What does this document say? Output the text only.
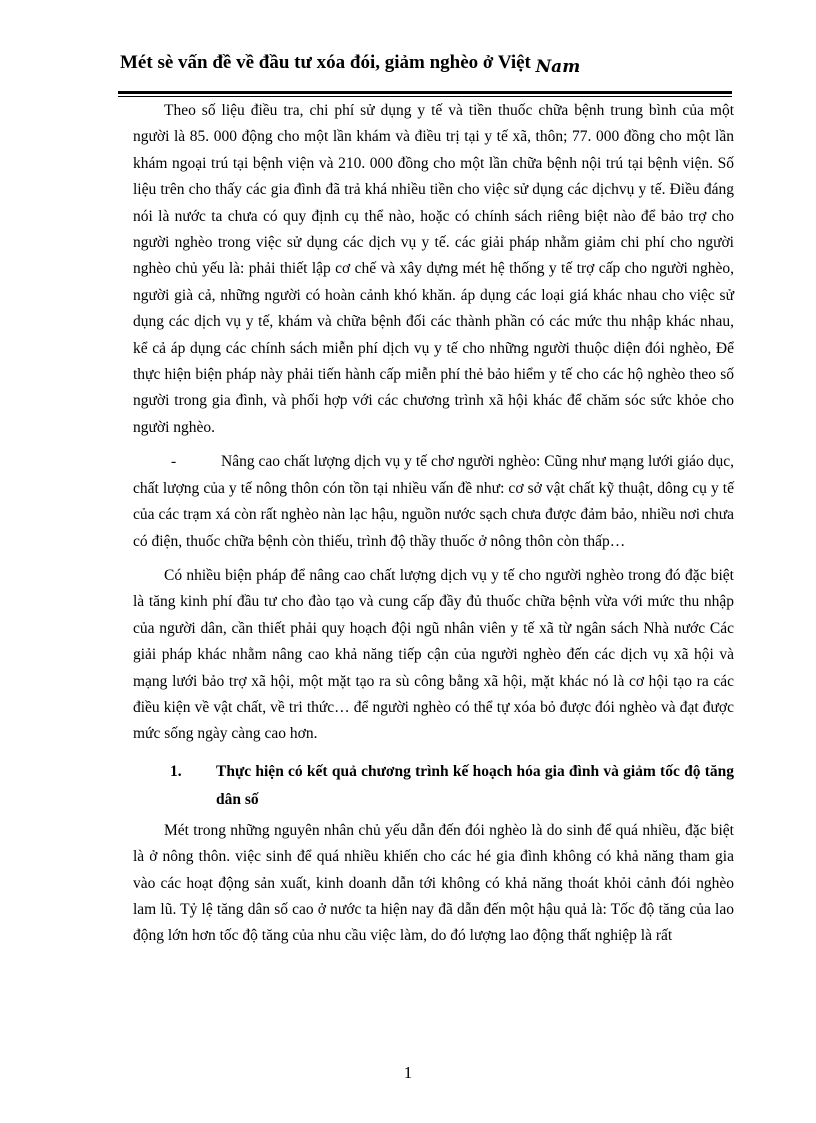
Mét sè vấn đề về đầu tư xóa đói, giảm nghèo ở Việt Nam

Theo số liệu điều tra, chi phí sử dụng y tế và tiền thuốc chữa bệnh trung bình của một người là 85. 000 động cho một lần khám và điều trị tại y tế xã, thôn; 77. 000 đồng cho một lần khám ngoại trú tại bệnh viện và 210. 000 đồng cho một lần chữa bệnh nội trú tại bệnh viện. Số liệu trên cho thấy các gia đình đã trả khá nhiều tiền cho việc sử dụng các dịchvụ y tế. Điều đáng nói là nước ta chưa có quy định cụ thể nào, hoặc có chính sách riêng biệt nào để bảo trợ cho người nghèo trong việc sử dụng các dịch vụ y tế. các giải pháp nhằm giảm chi phí cho người nghèo chủ yếu là: phải thiết lập cơ chế và xây dựng mét hệ thống y tế trợ cấp cho người nghèo, người già cả, những người có hoàn cảnh khó khăn. áp dụng các loại giá khác nhau cho việc sử dụng các dịch vụ y tế, khám và chữa bệnh đối các thành phần có các mức thu nhập khác nhau, kể cả áp dụng các chính sách miễn phí dịch vụ y tế cho những người thuộc diện đói nghèo, Để thực hiện biện pháp này phải tiến hành cấp miễn phí thẻ bảo hiểm y tế cho các hộ nghèo theo số người trong gia đình, và phối hợp với các chương trình xã hội khác để chăm sóc sức khỏe cho người nghèo.

-	Nâng cao chất lượng dịch vụ y tế chơ người nghèo: Cũng như mạng lưới giáo dục, chất lượng của y tế nông thôn cón tồn tại nhiều vấn đề như: cơ sở vật chất kỹ thuật, dông cụ y tế của các trạm xá còn rất nghèo nàn lạc hậu, nguồn nước sạch chưa được đảm bảo, nhiều nơi chưa có điện, thuốc chữa bệnh còn thiếu, trình độ thầy thuốc ở nông thôn còn thấp…

Có nhiều biện pháp để nâng cao chất lượng dịch vụ y tế cho người nghèo trong đó đặc biệt là tăng kinh phí đầu tư cho đào tạo và cung cấp đầy đủ thuốc chữa bệnh vừa với mức thu nhập của người dân, cần thiết phải quy hoạch đội ngũ nhân viên y tế xã từ ngân sách Nhà nước Các giải pháp khác nhằm nâng cao khả năng tiếp cận của người nghèo đến các dịch vụ xã hội và mạng lưới bảo trợ xã hội, một mặt tạo ra sù công bằng xã hội, mặt khác nó là cơ hội tạo ra các điều kiện về vật chất, về tri thức… để người nghèo có thể tự xóa bỏ được đói nghèo và đạt được mức sống ngày càng cao hơn.

1. Thực hiện có kết quả chương trình kế hoạch hóa gia đình và giảm tốc độ tăng dân số

Mét trong những nguyên nhân chủ yếu dẫn đến đói nghèo là do sinh để quá nhiều, đặc biệt là ở nông thôn. việc sinh để quá nhiều khiến cho các hé gia đình không có khả năng tham gia vào các hoạt động sản xuất, kinh doanh dẫn tới không có khả năng thoát khỏi cảnh đói nghèo lam lũ. Tỷ lệ tăng dân số cao ở nước ta hiện nay đã dẫn đến một hậu quả là: Tốc độ tăng của lao động lớn hơn tốc độ tăng của nhu cầu việc làm, do đó lượng lao động thất nghiệp là rất

1
